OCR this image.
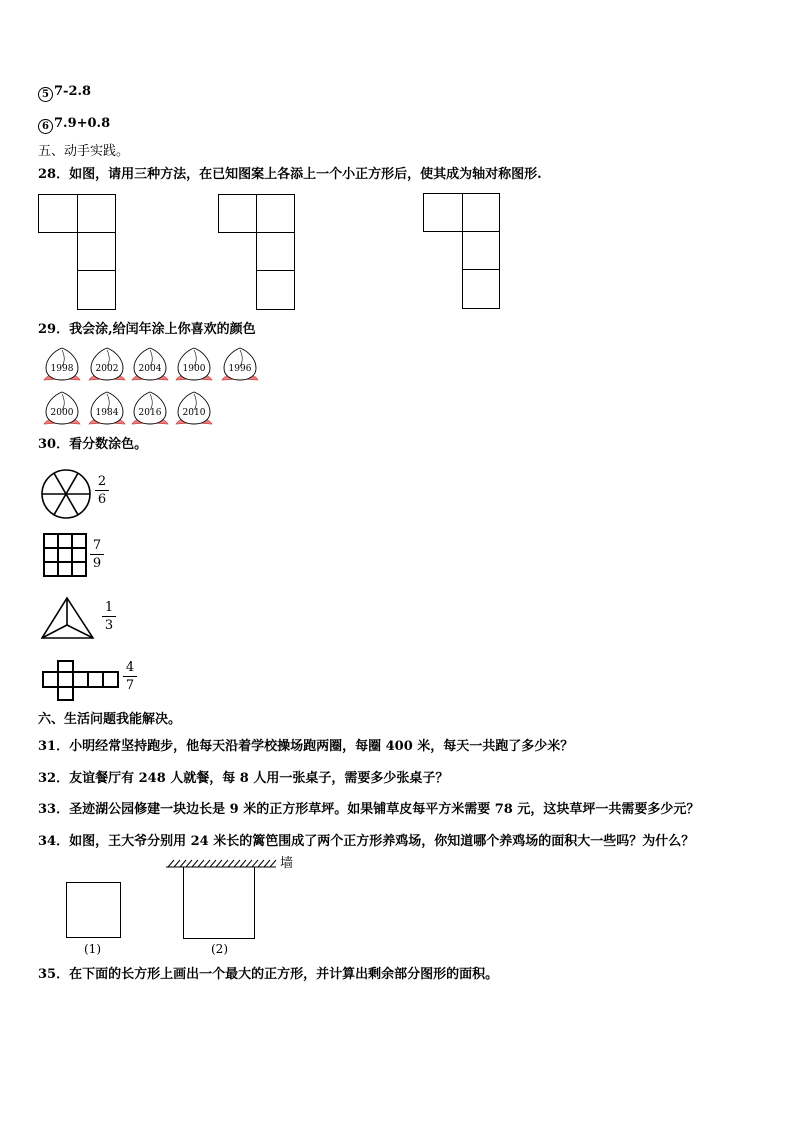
5 7-2.8
6 7.9+0.8
五、动手实践。
28．如图，请用三种方法，在已知图案上各添上一个小正方形后，使其成为轴对称图形.
29．我会涂,给闰年涂上你喜欢的颜色
30．看分数涂色。
2
6
7
9
1
3
4
7
六、生活问题我能解决。
31．小明经常坚持跑步，他每天沿着学校操场跑两圈，每圈 400 米，每天一共跑了多少米？
32．友谊餐厅有 248 人就餐，每 8 人用一张桌子，需要多少张桌子？
33．圣迹湖公园修建一块边长是 9 米的正方形草坪。如果铺草皮每平方米需要 78 元，这块草坪一共需要多少元？
34．如图，王大爷分别用 24 米长的篱笆围成了两个正方形养鸡场，你知道哪个养鸡场的面积大一些吗？为什么？
(1)
墙
(2)
35．在下面的长方形上画出一个最大的正方形，并计算出剩余部分图形的面积。
1998 2002 2004 1900	1996
2000 1984 2016 2010
